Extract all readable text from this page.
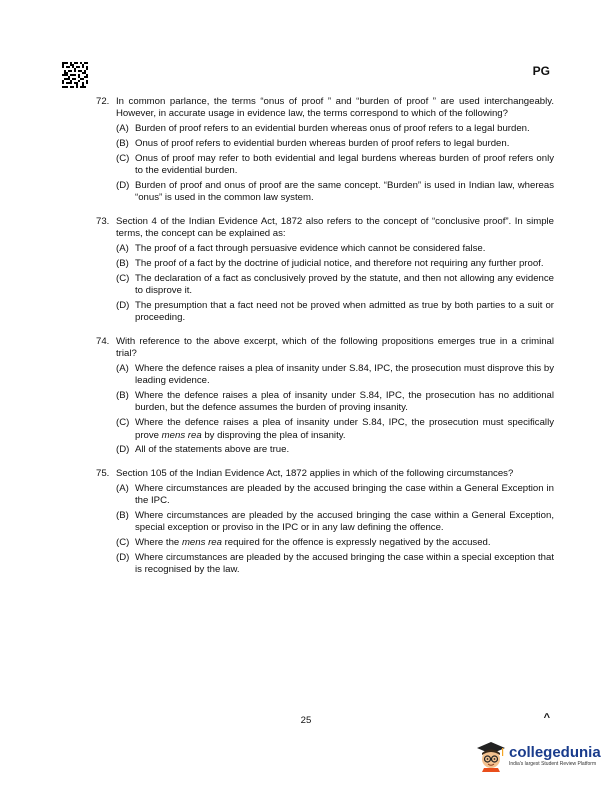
PG
72. In common parlance, the terms “onus of proof ” and “burden of proof ” are used interchangeably. However, in accurate usage in evidence law, the terms correspond to which of the following?
(A) Burden of proof refers to an evidential burden whereas onus of proof refers to a legal burden.
(B) Onus of proof refers to evidential burden whereas burden of proof refers to legal burden.
(C) Onus of proof may refer to both evidential and legal burdens whereas burden of proof refers only to the evidential burden.
(D) Burden of proof and onus of proof are the same concept. “Burden” is used in Indian law, whereas “onus” is used in the common law system.
73. Section 4 of the Indian Evidence Act, 1872 also refers to the concept of “conclusive proof”. In simple terms, the concept can be explained as:
(A) The proof of a fact through persuasive evidence which cannot be considered false.
(B) The proof of a fact by the doctrine of judicial notice, and therefore not requiring any further proof.
(C) The declaration of a fact as conclusively proved by the statute, and then not allowing any evidence to disprove it.
(D) The presumption that a fact need not be proved when admitted as true by both parties to a suit or proceeding.
74. With reference to the above excerpt, which of the following propositions emerges true in a criminal trial?
(A) Where the defence raises a plea of insanity under S.84, IPC, the prosecution must disprove this by leading evidence.
(B) Where the defence raises a plea of insanity under S.84, IPC, the prosecution has no additional burden, but the defence assumes the burden of proving insanity.
(C) Where the defence raises a plea of insanity under S.84, IPC, the prosecution must specifically prove mens rea by disproving the plea of insanity.
(D) All of the statements above are true.
75. Section 105 of the Indian Evidence Act, 1872 applies in which of the following circumstances?
(A) Where circumstances are pleaded by the accused bringing the case within a General Exception in the IPC.
(B) Where circumstances are pleaded by the accused bringing the case within a General Exception, special exception or proviso in the IPC or in any law defining the offence.
(C) Where the mens rea required for the offence is expressly negatived by the accused.
(D) Where circumstances are pleaded by the accused bringing the case within a special exception that is recognised by the law.
25	^
collegedunia
India's largest Student Review Platform
